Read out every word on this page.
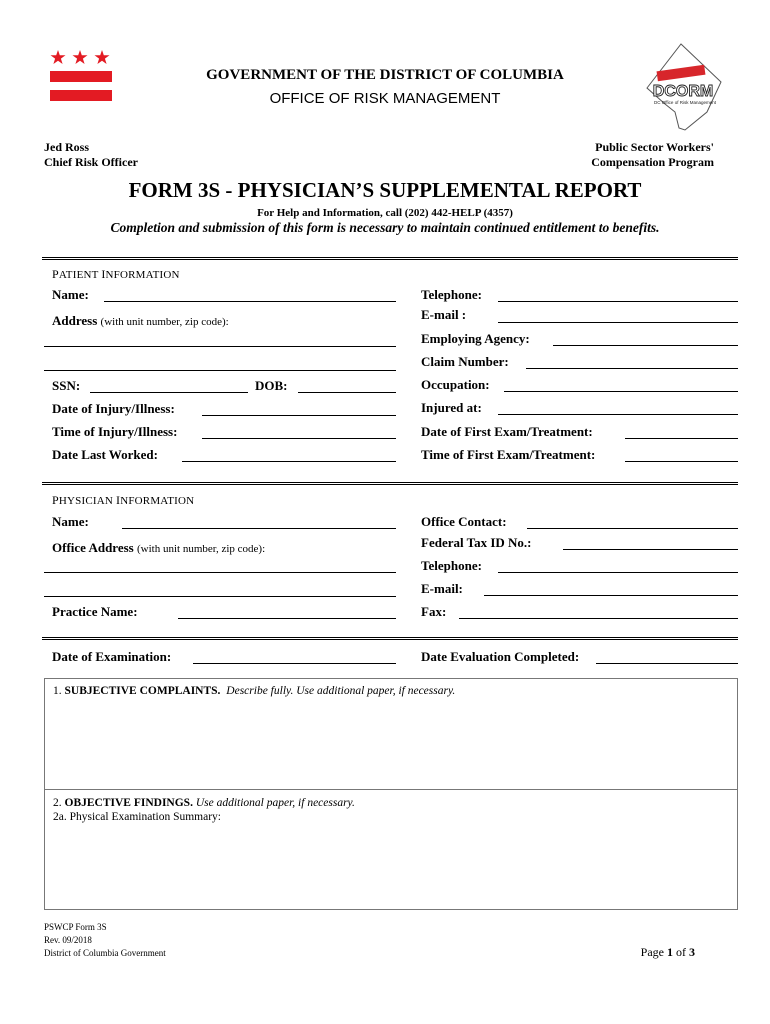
GOVERNMENT OF THE DISTRICT OF COLUMBIA
OFFICE OF RISK MANAGEMENT	DCORM
DC Office of Risk Management
Jed Ross
Chief Risk Officer
Public Sector Workers'
Compensation Program
FORM 3S - PHYSICIAN’S SUPPLEMENTAL REPORT
For Help and Information, call (202) 442-HELP (4357)
Completion and submission of this form is necessary to maintain continued entitlement to benefits.
PATIENT INFORMATION
Name:
Address (with unit number, zip code):
SSN:	DOB:
Date of Injury/Illness:
Time of Injury/Illness:
Date Last Worked:
Telephone:
E-mail :
Employing Agency:
Claim Number:
Occupation:
Injured at:
Date of First Exam/Treatment:
Time of First Exam/Treatment:
PHYSICIAN INFORMATION
Name:
Office Address (with unit number, zip code):
Practice Name:
Office Contact:
Federal Tax ID No.:
Telephone:
E-mail:
Fax:
Date of Examination:	Date Evaluation Completed:
1. SUBJECTIVE COMPLAINTS. Describe fully. Use additional paper, if necessary.
2. OBJECTIVE FINDINGS. Use additional paper, if necessary.
2a. Physical Examination Summary:
PSWCP Form 3S
Rev. 09/2018
District of Columbia Government	Page 1 of 3
